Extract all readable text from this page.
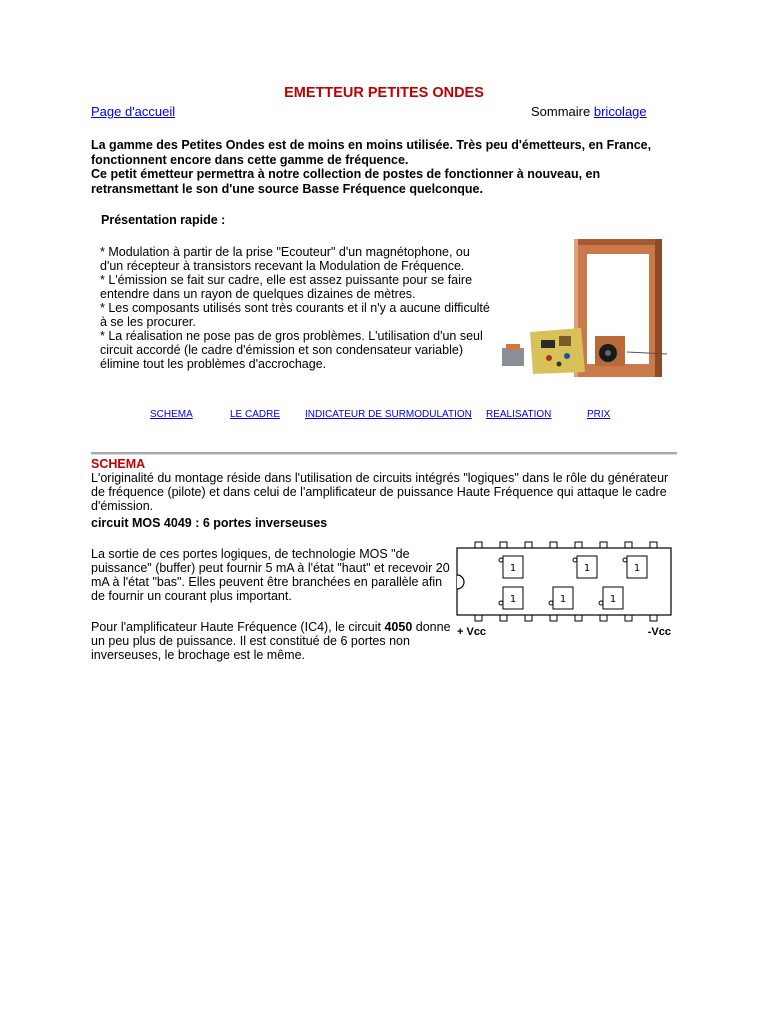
EMETTEUR PETITES ONDES
Page d'accueil	Sommaire bricolage

La gamme des Petites Ondes est de moins en moins utilisée. Très peu d'émetteurs, en France, fonctionnent encore dans cette gamme de fréquence.

Ce petit émetteur permettra à notre collection de postes de fonctionner à nouveau, en retransmettant le son d'une source Basse Fréquence quelconque.

Présentation rapide :

* Modulation à partir de la prise "Ecouteur" d'un magnétophone, ou d'un récepteur à transistors recevant la Modulation de Fréquence.

* L'émission se fait sur cadre, elle est assez puissante pour se faire entendre dans un rayon de quelques dizaines de mètres.

* Les composants utilisés sont très courants et il n'y a aucune difficulté à se les procurer.

* La réalisation ne pose pas de gros problèmes. L'utilisation d'un seul circuit accordé (le cadre d'émission et son condensateur variable) élimine tout les problèmes d'accrochage.

SCHEMA	LE CADRE INDICATEUR DE SURMODULATION REALISATION	PRIX
SCHEMA
L'originalité du montage réside dans l'utilisation de circuits intégrés "logiques" dans le rôle du générateur de fréquence (pilote) et dans celui de l'amplificateur de puissance Haute Fréquence qui attaque le cadre d'émission.
circuit MOS 4049 : 6 portes inverseuses

La sortie de ces portes logiques, de technologie MOS "de puissance" (buffer) peut fournir 5 mA à l'état "haut" et recevoir 20 mA à l'état "bas". Elles peuvent être branchées en parallèle afin de fournir un courant plus important.

Pour l'amplificateur Haute Fréquence (IC4), le circuit 4050 donne un peu plus de puissance. Il est constitué de 6 portes non inverseuses, le brochage est le même.

1	1	1
1	1	1
+ Vcc	-Vcc
